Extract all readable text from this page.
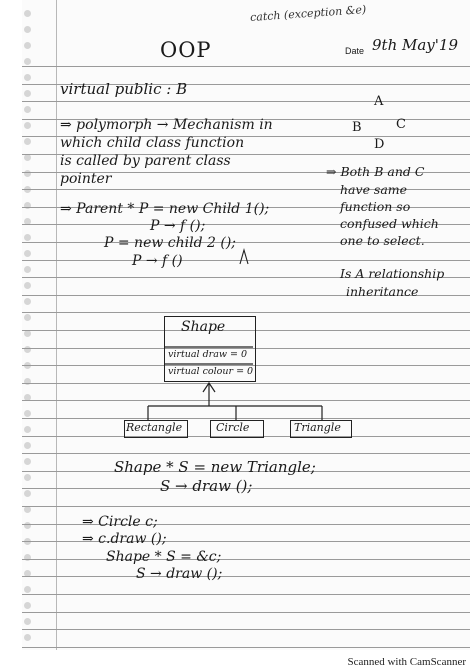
catch (exception &e)
OOP	Date 9th May'19
virtual public : B
A
B	C
D
⇒ polymorph → Mechanism in
which child class function
is called by parent class
pointer	⇒ Both B and C
have same
function so
confused which
one to select.
⇒ Parent * P = new Child 1();
P → f ();
P = new child 2 ();
P → f ()
Is A relationship
inheritance
Shape
virtual draw = 0
virtual colour = 0
Rectangle	Circle	Triangle
Shape * S = new Triangle;
S → draw ();
⇒ Circle c;
⇒ c.draw ();
Shape * S = &c;
S → draw ();
Scanned with CamScanner
